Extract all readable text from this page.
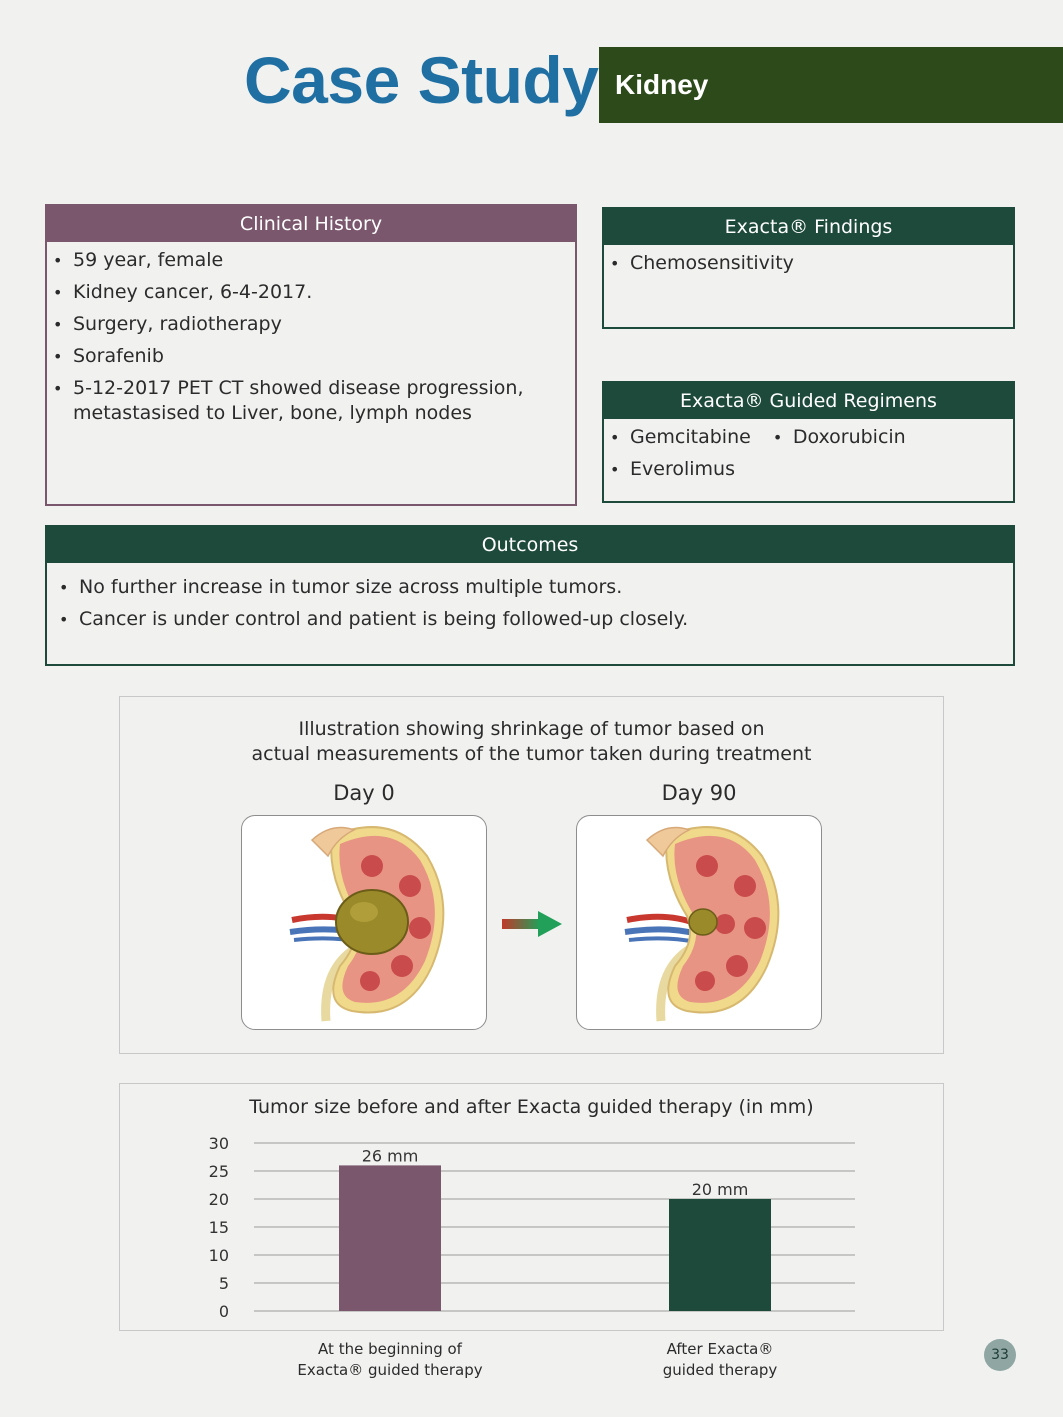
Case Study Kidney
Clinical History
• 59 year, female
• Kidney cancer, 6-4-2017.
• Surgery, radiotherapy
• Sorafenib
• 5-12-2017 PET CT showed disease progression, metastasised to Liver, bone, lymph nodes
Exacta® Findings
• Chemosensitivity
Exacta® Guided Regimens
• Gemcitabine
•	Doxorubicin
• Everolimus
Outcomes
• No further increase in tumor size across multiple tumors.
• Cancer is under control and patient is being followed-up closely.
Illustration showing shrinkage of tumor based on
actual measurements of the tumor taken during treatment
Day 0	Day 90
Tumor size before and after Exacta guided therapy (in mm)
0
5
10
15
20
25
30
26 mm
20 mm
At the beginning of
Exacta® guided therapy
After Exacta®
guided therapy
33
